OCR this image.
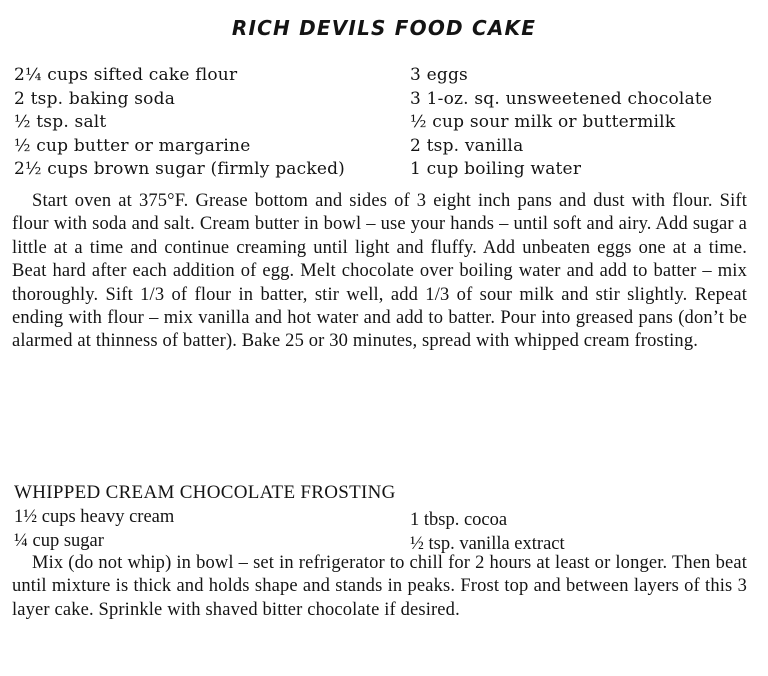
RICH DEVILS FOOD CAKE
2¼ cups sifted cake flour
2 tsp. baking soda
½ tsp. salt
½ cup butter or margarine
2½ cups brown sugar (firmly packed)
3 eggs
3 1-oz. sq. unsweetened chocolate
½ cup sour milk or buttermilk
2 tsp. vanilla
1 cup boiling water

Start oven at 375°F. Grease bottom and sides of 3 eight inch pans and dust with flour. Sift flour with soda and salt. Cream butter in bowl – use your hands – until soft and airy. Add sugar a little at a time and continue creaming until light and fluffy. Add unbeaten eggs one at a time. Beat hard after each addition of egg. Melt chocolate over boiling water and add to batter – mix thoroughly. Sift 1/3 of flour in batter, stir well, add 1/3 of sour milk and stir slightly. Repeat ending with flour – mix vanilla and hot water and add to batter. Pour into greased pans (don’t be alarmed at thinness of batter). Bake 25 or 30 minutes, spread with whipped cream frosting.

WHIPPED CREAM CHOCOLATE FROSTING
1½ cups heavy cream
¼ cup sugar
1 tbsp. cocoa
½ tsp. vanilla extract

Mix (do not whip) in bowl – set in refrigerator to chill for 2 hours at least or longer. Then beat until mixture is thick and holds shape and stands in peaks. Frost top and between layers of this 3 layer cake. Sprinkle with shaved bitter chocolate if desired.
